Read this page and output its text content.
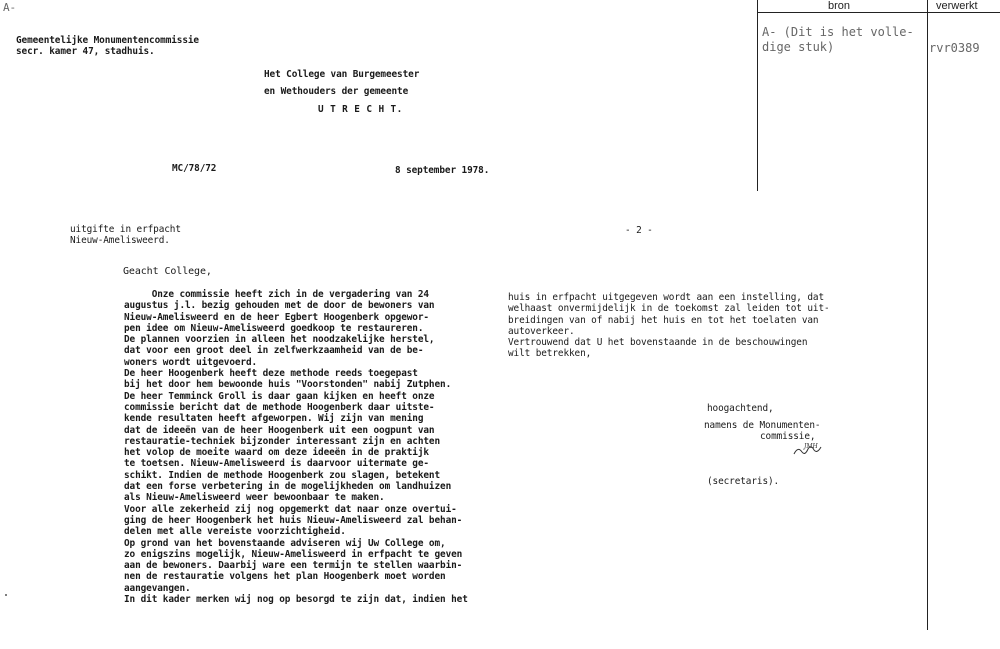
A-
Gemeentelijke Monumentencommissie
secr. kamer 47, stadhuis.
Het College van Burgemeester
en Wethouders der gemeente
U T R E C H T.
MC/78/72	8 september 1978.
uitgifte in erfpacht
Nieuw-Amelisweerd.
- 2 -
Geacht College,
Onze commissie heeft zich in de vergadering van 24
augustus j.l. bezig gehouden met de door de bewoners van
Nieuw-Amelisweerd en de heer Egbert Hoogenberk opgewor-
pen idee om Nieuw-Amelisweerd goedkoop te restaureren.
De plannen voorzien in alleen het noodzakelijke herstel,
dat voor een groot deel in zelfwerkzaamheid van de be-
woners wordt uitgevoerd.
De heer Hoogenberk heeft deze methode reeds toegepast
bij het door hem bewoonde huis "Voorstonden" nabij Zutphen.
De heer Temminck Groll is daar gaan kijken en heeft onze
commissie bericht dat de methode Hoogenberk daar uitste-
kende resultaten heeft afgeworpen. Wij zijn van mening
dat de ideeën van de heer Hoogenberk uit een oogpunt van
restauratie-techniek bijzonder interessant zijn en achten
het volop de moeite waard om deze ideeën in de praktijk
te toetsen. Nieuw-Amelisweerd is daarvoor uitermate ge-
schikt. Indien de methode Hoogenberk zou slagen, betekent
dat een forse verbetering in de mogelijkheden om landhuizen
als Nieuw-Amelisweerd weer bewoonbaar te maken.
Voor alle zekerheid zij nog opgemerkt dat naar onze overtui-
ging de heer Hoogenberk het huis Nieuw-Amelisweerd zal behan-
delen met alle vereiste voorzichtigheid.
Op grond van het bovenstaande adviseren wij Uw College om,
zo enigszins mogelijk, Nieuw-Amelisweerd in erfpacht te geven
aan de bewoners. Daarbij ware een termijn te stellen waarbin-
nen de restauratie volgens het plan Hoogenberk moet worden
aangevangen.
In dit kader merken wij nog op besorgd te zijn dat, indien het
huis in erfpacht uitgegeven wordt aan een instelling, dat
welhaast onvermijdelijk in de toekomst zal leiden tot uit-
breidingen van of nabij het huis en tot het toelaten van
autoverkeer.
Vertrouwend dat U het bovenstaande in de beschouwingen
wilt betrekken,
hoogachtend,
namens de Monumenten-
commissie,
JMH
(secretaris).
bron	verwerkt
A- (Dit is het volle-
dige stuk)	rvr0389
